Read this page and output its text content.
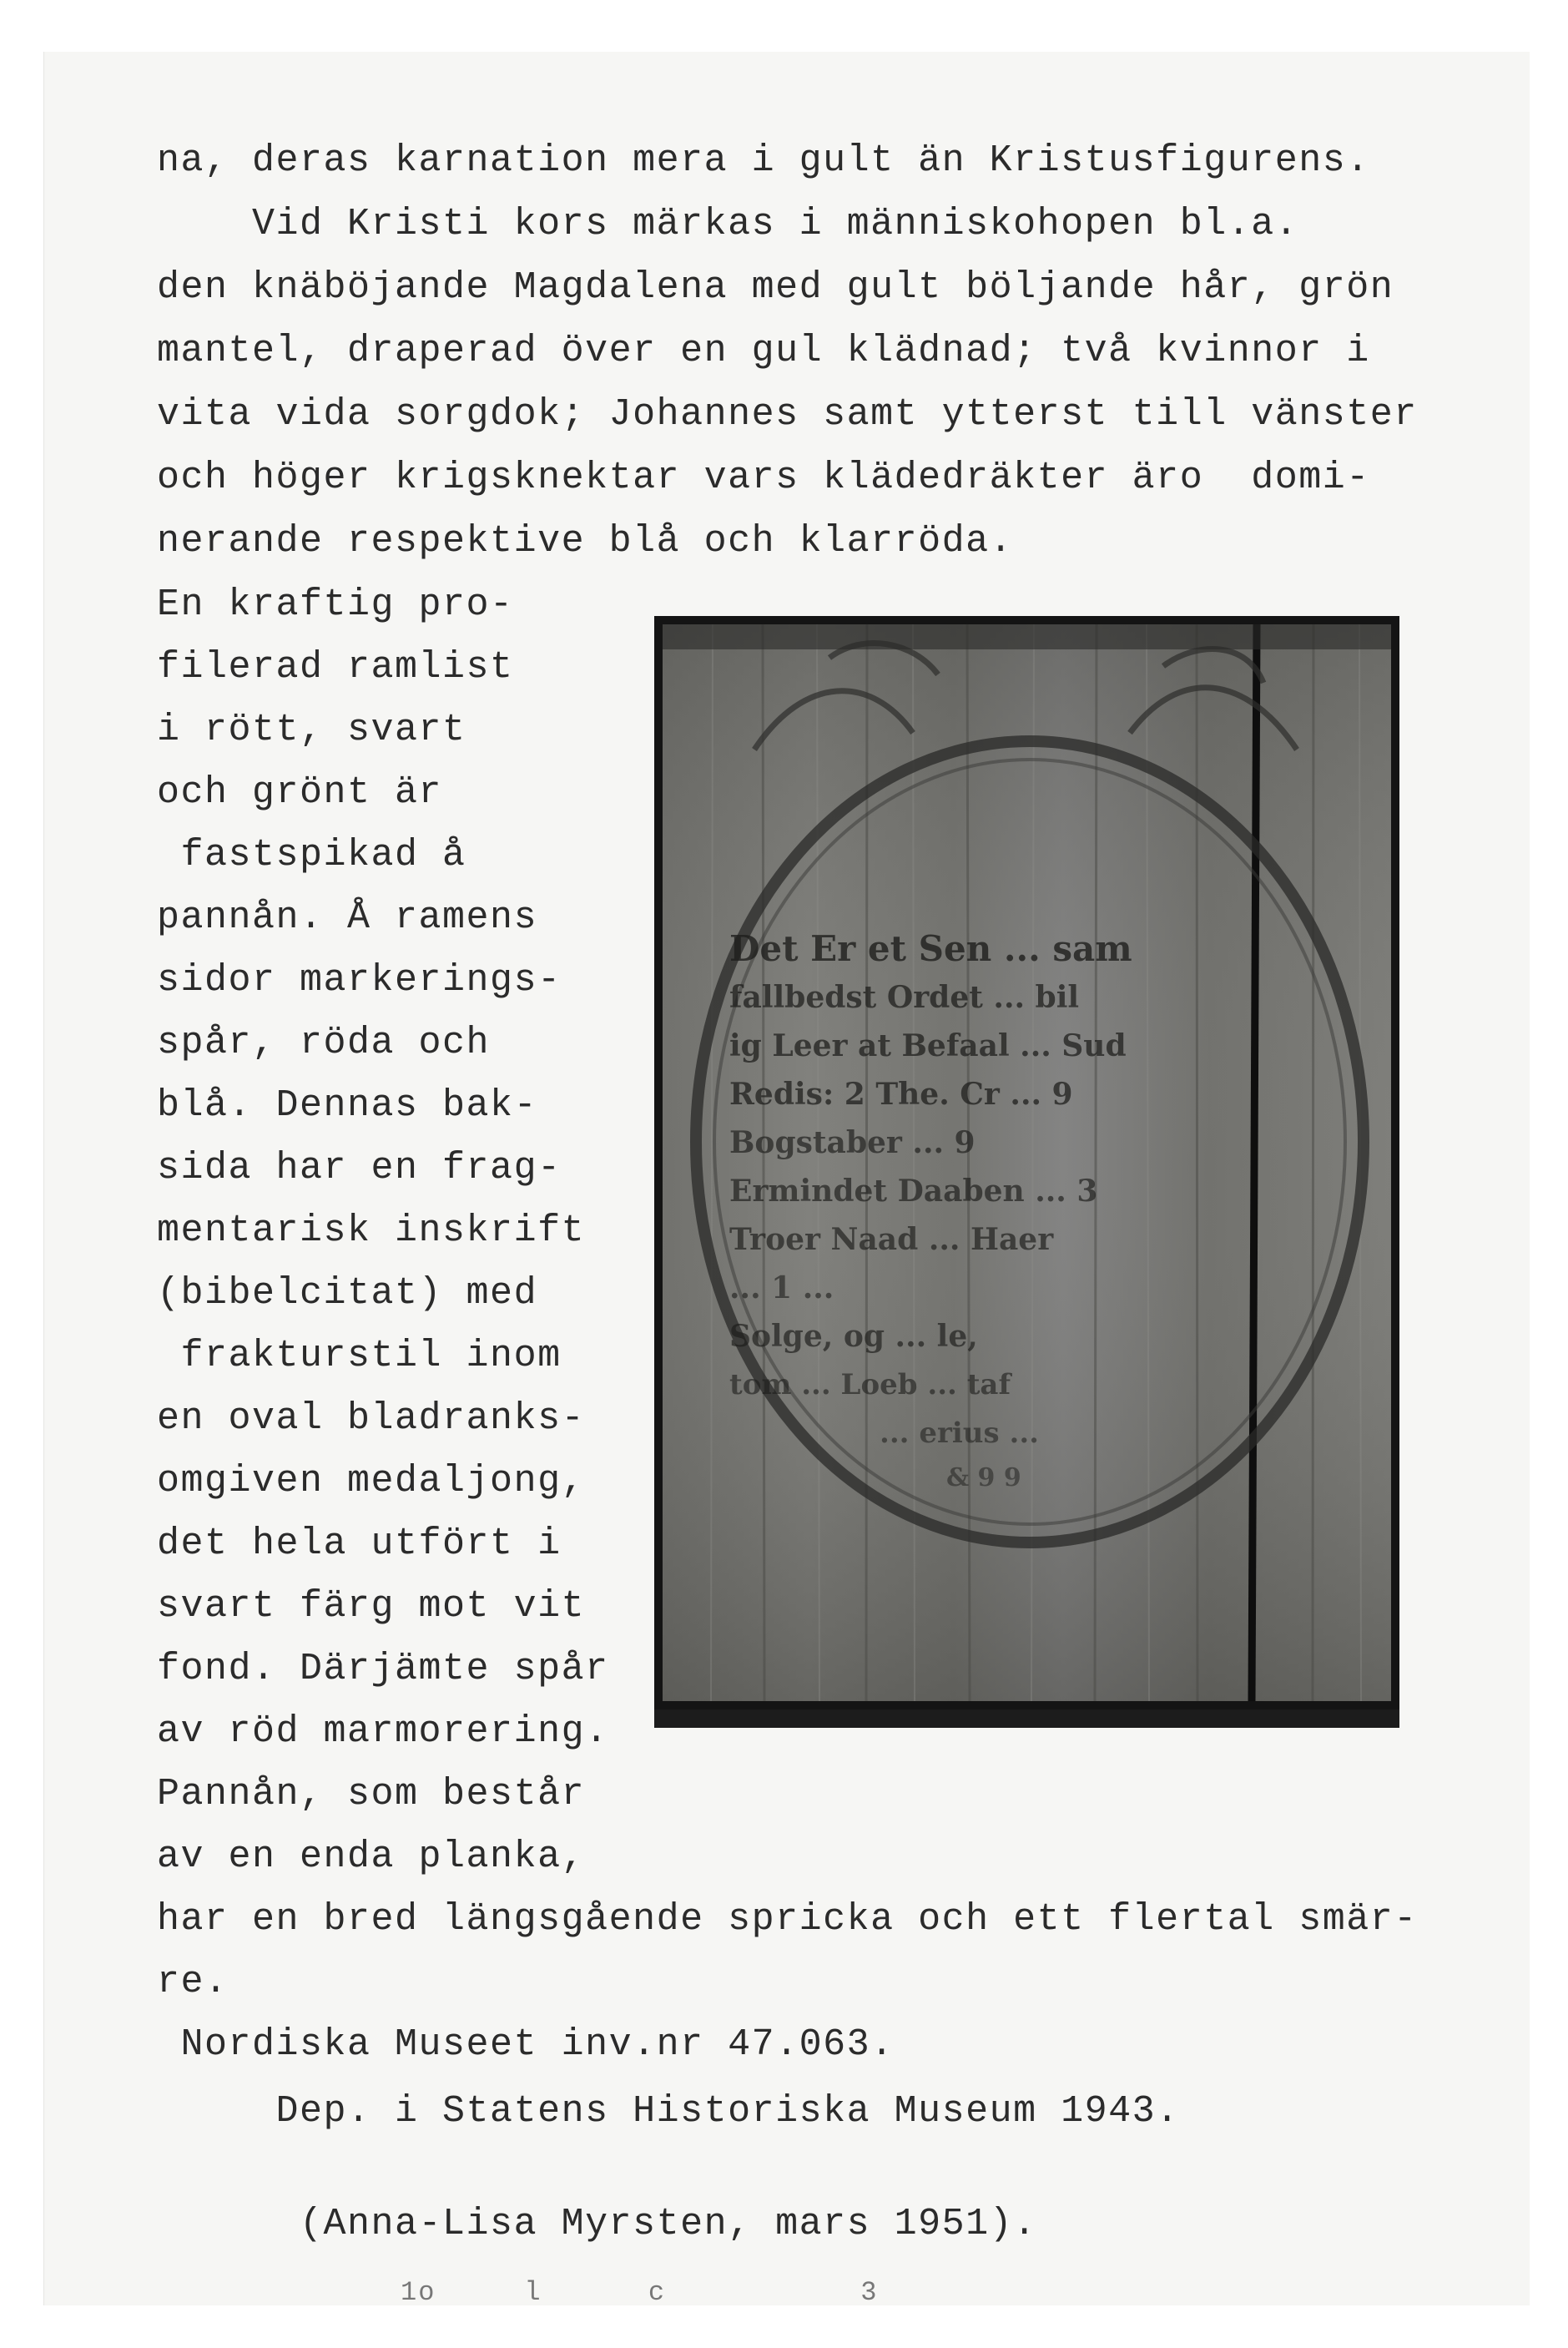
na, deras karnation mera i gult än Kristusfigurens.
Vid Kristi kors märkas i människohopen bl.a.
den knäböjande Magdalena med gult böljande hår, grön
mantel, draperad över en gul klädnad; två kvinnor i
vita vida sorgdok; Johannes samt ytterst till vänster
och höger krigsknektar vars klädedräkter äro  domi-
nerande respektive blå och klarröda.
En kraftig pro-
filerad ramlist
i rött, svart
och grönt är
fastspikad å
pannån. Å ramens
sidor markerings-
spår, röda och
blå. Dennas bak-
sida har en frag-
mentarisk inskrift
(bibelcitat) med
frakturstil inom
en oval bladranks-
omgiven medaljong,
det hela utfört i
svart färg mot vit
fond. Därjämte spår
av röd marmorering.
Pannån, som består
av en enda planka,
Det Er et Sen ... sam
fallbedst Ordet ... bil
ig Leer at Befaal ... Sud
Redis: 2 The. Cr ... 9
Bogstaber ... 9
Ermindet Daaben ... 3
Troer Naad ... Haer
... 1 ...
Solge, og ... le,
tom ... Loeb ... taf
... erius ...
& 9 9
har en bred längsgående spricka och ett flertal smär-
re.
Nordiska Museet inv.nr 47.063.
Dep. i Statens Historiska Museum 1943.
(Anna-Lisa Myrsten, mars 1951).
1o     l      c           3
